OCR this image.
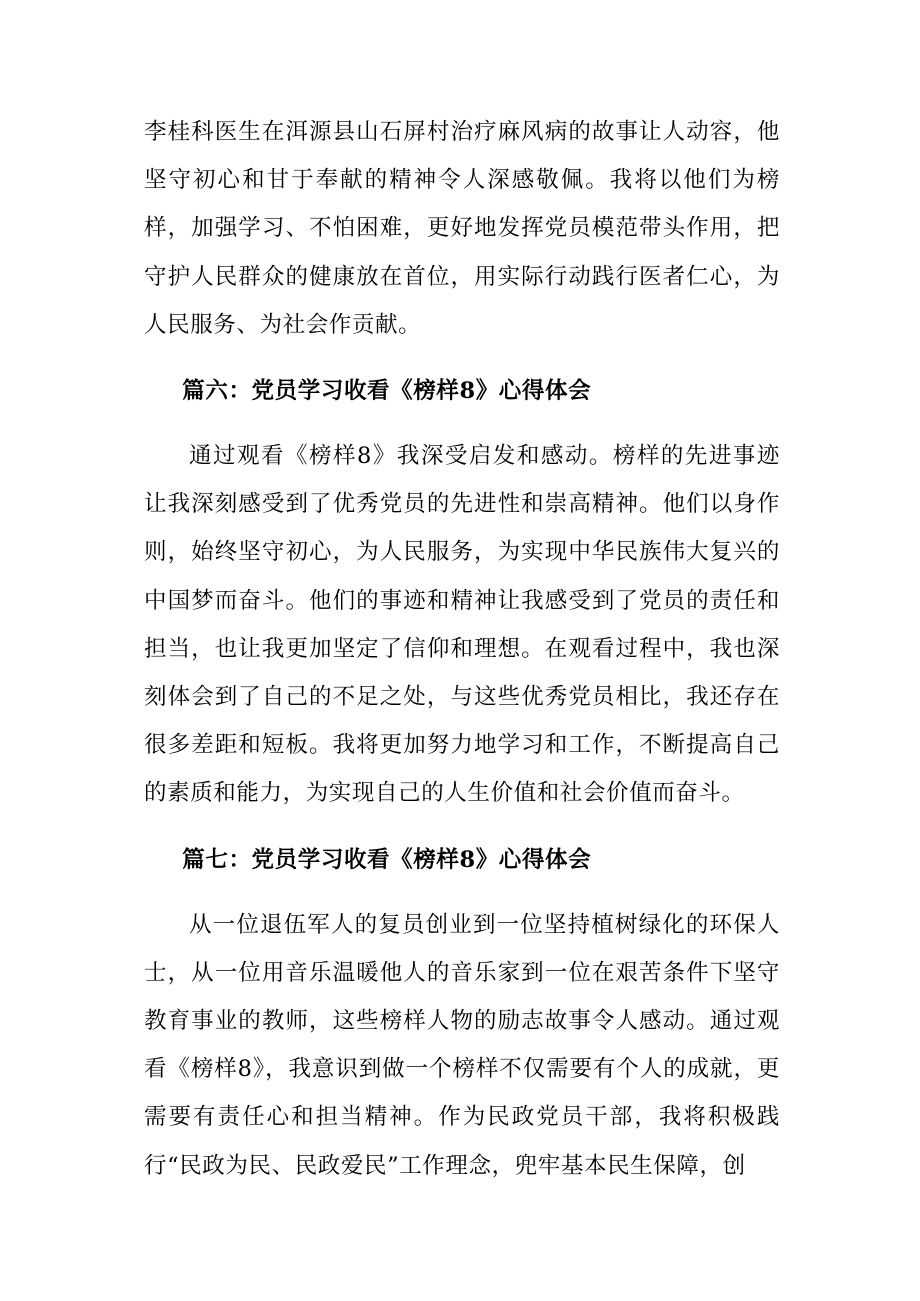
李桂科医生在洱源县山石屏村治疗麻风病的故事让人动容，他坚守初心和甘于奉献的精神令人深感敬佩。我将以他们为榜样，加强学习、不怕困难，更好地发挥党员模范带头作用，把守护人民群众的健康放在首位，用实际行动践行医者仁心，为人民服务、为社会作贡献。

篇六：党员学习收看《榜样8》心得体会

通过观看《榜样8》我深受启发和感动。榜样的先进事迹让我深刻感受到了优秀党员的先进性和崇高精神。他们以身作则，始终坚守初心，为人民服务，为实现中华民族伟大复兴的中国梦而奋斗。他们的事迹和精神让我感受到了党员的责任和担当，也让我更加坚定了信仰和理想。在观看过程中，我也深刻体会到了自己的不足之处，与这些优秀党员相比，我还存在很多差距和短板。我将更加努力地学习和工作，不断提高自己的素质和能力，为实现自己的人生价值和社会价值而奋斗。

篇七：党员学习收看《榜样8》心得体会

从一位退伍军人的复员创业到一位坚持植树绿化的环保人士，从一位用音乐温暖他人的音乐家到一位在艰苦条件下坚守教育事业的教师，这些榜样人物的励志故事令人感动。通过观看《榜样8》，我意识到做一个榜样不仅需要有个人的成就，更需要有责任心和担当精神。作为民政党员干部，我将积极践行“民政为民、民政爱民”工作理念，兜牢基本民生保障，创
